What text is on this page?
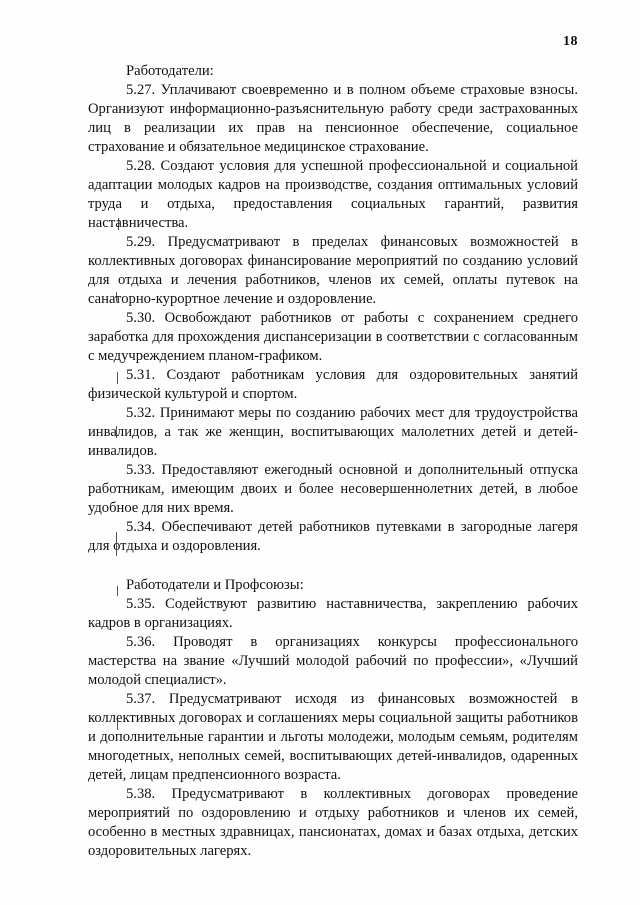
18

Работодатели:

5.27. Уплачивают своевременно и в полном объеме страховые взносы. Организуют информационно-разъяснительную работу среди застрахованных лиц в реализации их прав на пенсионное обеспечение, социальное страхование и обязательное медицинское страхование.

5.28. Создают условия для успешной профессиональной и социальной адаптации молодых кадров на производстве, создания оптимальных условий труда и отдыха, предоставления социальных гарантий, развития наставничества.

5.29. Предусматривают в пределах финансовых возможностей в коллективных договорах финансирование мероприятий по созданию условий для отдыха и лечения работников, членов их семей, оплаты путевок на санаторно-курортное лечение и оздоровление.

5.30. Освобождают работников от работы с сохранением среднего заработка для прохождения диспансеризации в соответствии с согласованным с медучреждением планом-графиком.

5.31. Создают работникам условия для оздоровительных занятий физической культурой и спортом.

5.32. Принимают меры по созданию рабочих мест для трудоустройства инвалидов, а так же женщин, воспитывающих малолетних детей и детей-инвалидов.

5.33. Предоставляют ежегодный основной и дополнительный отпуска работникам, имеющим двоих и более несовершеннолетних детей, в любое удобное для них время.

5.34. Обеспечивают детей работников путевками в загородные лагеря для отдыха и оздоровления.

Работодатели и Профсоюзы:

5.35. Содействуют развитию наставничества, закреплению рабочих кадров в организациях.

5.36. Проводят в организациях конкурсы профессионального мастерства на звание «Лучший молодой рабочий по профессии», «Лучший молодой специалист».

5.37. Предусматривают исходя из финансовых возможностей в коллективных договорах и соглашениях меры социальной защиты работников и дополнительные гарантии и льготы молодежи, молодым семьям, родителям многодетных, неполных семей, воспитывающих детей-инвалидов, одаренных детей, лицам предпенсионного возраста.

5.38. Предусматривают в коллективных договорах проведение мероприятий по оздоровлению и отдыху работников и членов их семей, особенно в местных здравницах, пансионатах, домах и базах отдыха, детских оздоровительных лагерях.
